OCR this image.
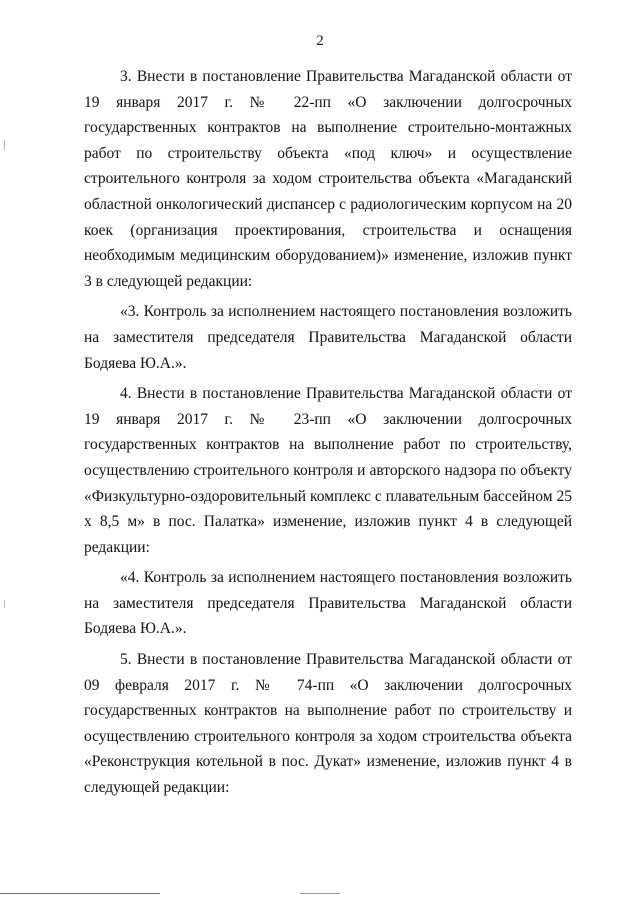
2

3. Внести в постановление Правительства Магаданской области от 19 января 2017 г. № 22-пп «О заключении долгосрочных государственных контрактов на выполнение строительно-монтажных работ по строительству объекта «под ключ» и осуществление строительного контроля за ходом строительства объекта «Магаданский областной онкологический диспансер с радиологическим корпусом на 20 коек (организация проектирования, строительства и оснащения необходимым медицинским оборудованием)» изменение, изложив пункт 3 в следующей редакции:

«3. Контроль за исполнением настоящего постановления возложить на заместителя председателя Правительства Магаданской области Бодяева Ю.А.».

4. Внести в постановление Правительства Магаданской области от 19 января 2017 г. № 23-пп «О заключении долгосрочных государственных контрактов на выполнение работ по строительству, осуществлению строительного контроля и авторского надзора по объекту «Физкультурно-оздоровительный комплекс с плавательным бассейном 25 х 8,5 м» в пос. Палатка» изменение, изложив пункт 4 в следующей редакции:

«4. Контроль за исполнением настоящего постановления возложить на заместителя председателя Правительства Магаданской области Бодяева Ю.А.».

5. Внести в постановление Правительства Магаданской области от 09 февраля 2017 г. № 74-пп «О заключении долгосрочных государственных контрактов на выполнение работ по строительству и осуществлению строительного контроля за ходом строительства объекта «Реконструкция котельной в пос. Дукат» изменение, изложив пункт 4 в следующей редакции:
